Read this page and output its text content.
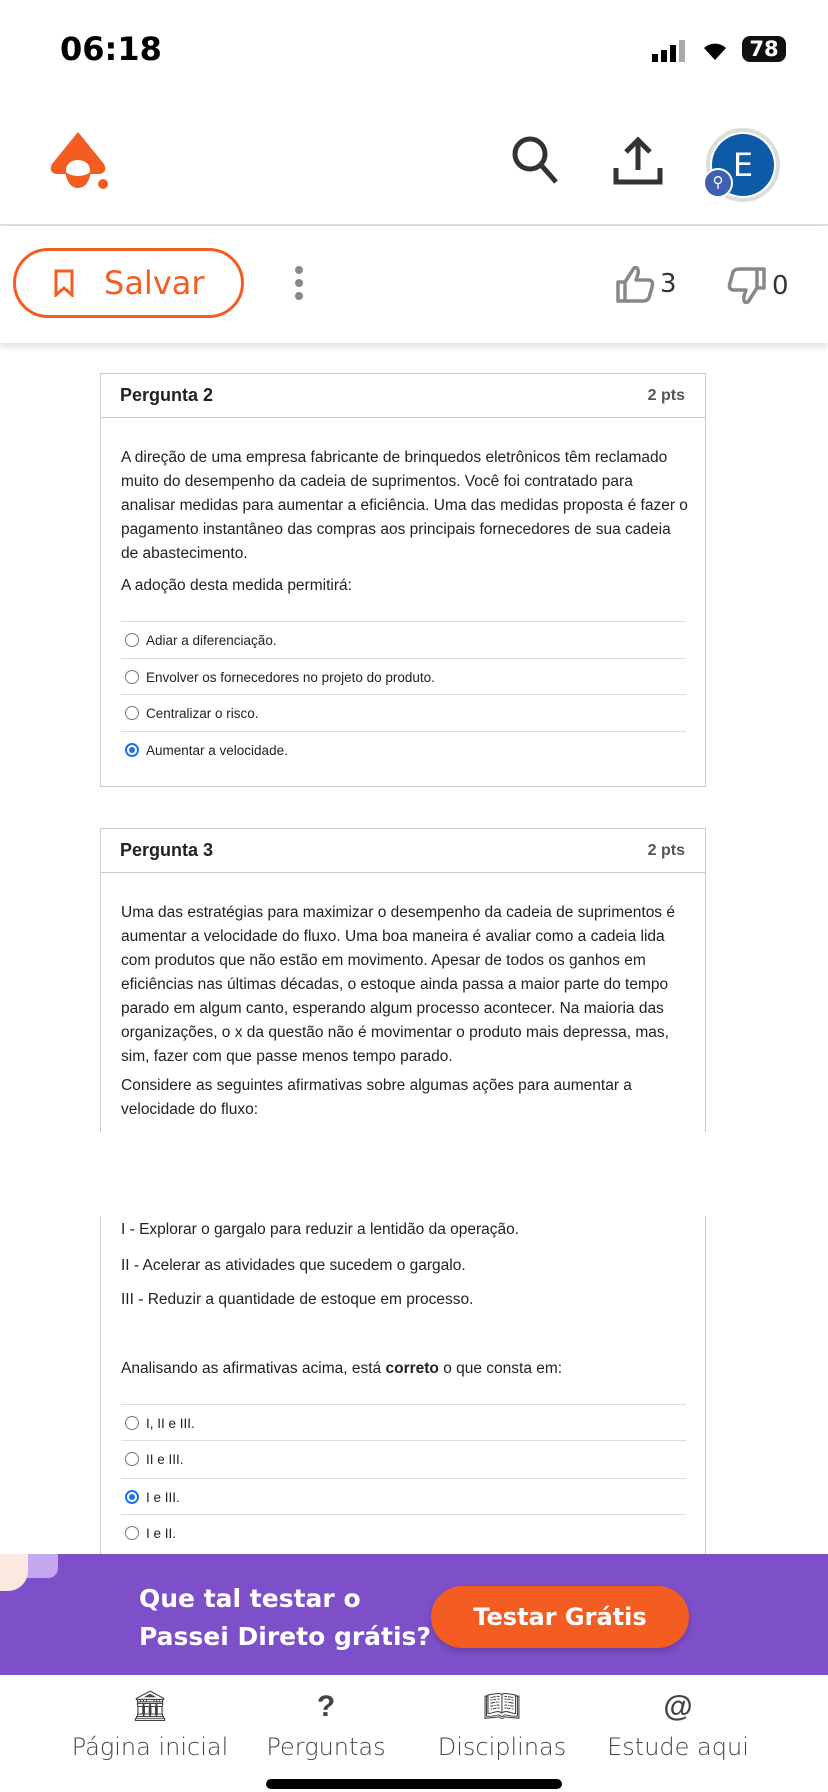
06:18	78
E
⚲
Salvar	3	0
Pergunta 2	2 pts

A direção de uma empresa fabricante de brinquedos eletrônicos têm reclamado muito do desempenho da cadeia de suprimentos. Você foi contratado para analisar medidas para aumentar a eficiência. Uma das medidas proposta é fazer o pagamento instantâneo das compras aos principais fornecedores de sua cadeia de abastecimento.

A adoção desta medida permitirá:

Adiar a diferenciação.
Envolver os fornecedores no projeto do produto.
Centralizar o risco.
Aumentar a velocidade.
Pergunta 3	2 pts

Uma das estratégias para maximizar o desempenho da cadeia de suprimentos é aumentar a velocidade do fluxo. Uma boa maneira é avaliar como a cadeia lida com produtos que não estão em movimento. Apesar de todos os ganhos em eficiências nas últimas décadas, o estoque ainda passa a maior parte do tempo parado em algum canto, esperando algum processo acontecer. Na maioria das organizações, o x da questão não é movimentar o produto mais depressa, mas, sim, fazer com que passe menos tempo parado.

Considere as seguintes afirmativas sobre algumas ações para aumentar a velocidade do fluxo:

I - Explorar o gargalo para reduzir a lentidão da operação.

II - Acelerar as atividades que sucedem o gargalo.

III - Reduzir a quantidade de estoque em processo.

Analisando as afirmativas acima, está correto o que consta em:

I, II e III.
II e III.
I e III.
I e II.
Que tal testar o
Passei Direto grátis?
Testar Grátis
🏛︎
Página inicial
?
Perguntas
📖︎
Disciplinas
@
Estude aqui
